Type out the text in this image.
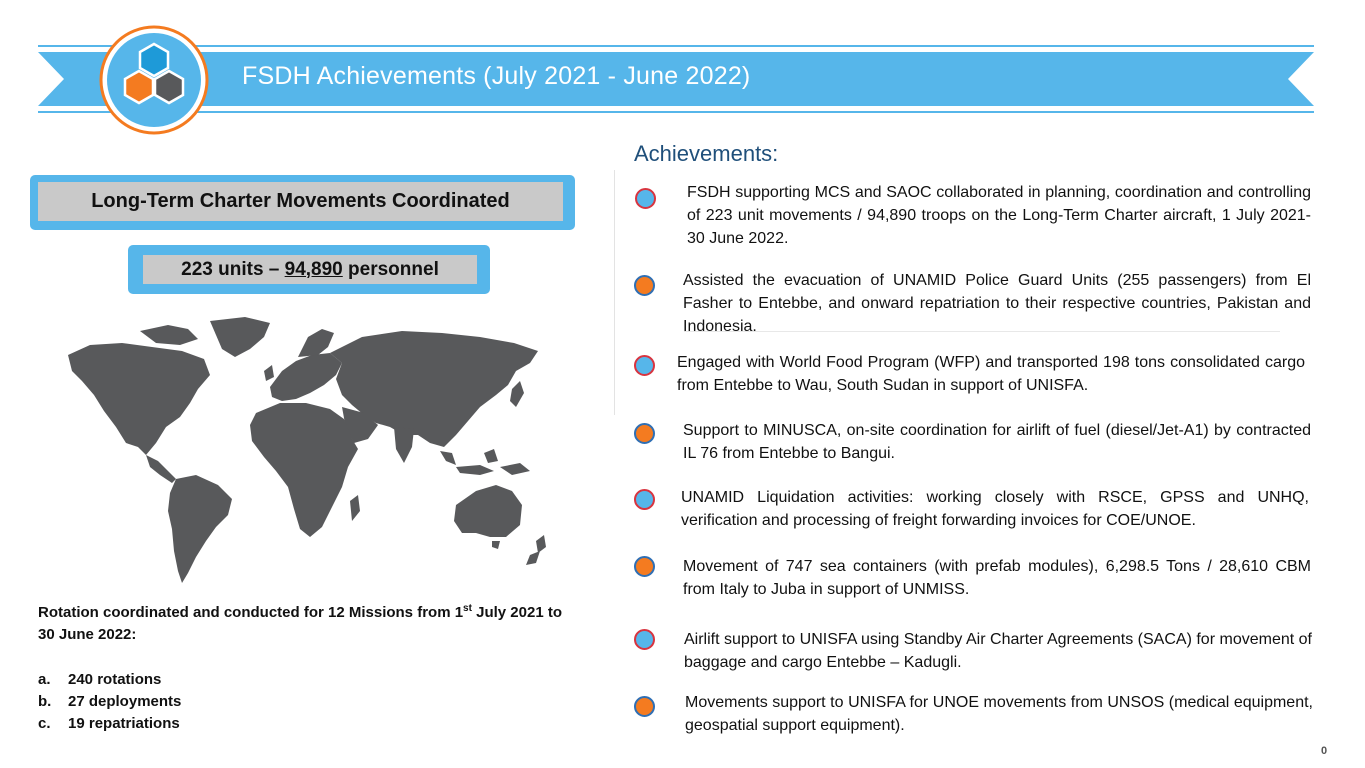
FSDH Achievements (July 2021 - June 2022)
Long-Term Charter Movements Coordinated
223 units – 94,890 personnel
Rotation coordinated and conducted for 12 Missions from 1st July 2021 to 30 June 2022:
a.	240 rotations
b.	27 deployments
c.	19 repatriations
Achievements:
FSDH supporting MCS and SAOC collaborated in planning, coordination and controlling of 223 unit movements / 94,890 troops on the Long-Term Charter aircraft, 1 July 2021-30 June 2022.
Assisted the evacuation of UNAMID Police Guard Units (255 passengers) from El Fasher to Entebbe, and onward repatriation to their respective countries, Pakistan and Indonesia.
Engaged with World Food Program (WFP) and transported 198 tons consolidated cargo from Entebbe to Wau, South Sudan in support of UNISFA.
Support to MINUSCA, on-site coordination for airlift of fuel (diesel/Jet-A1) by contracted IL 76 from Entebbe to Bangui.
UNAMID Liquidation activities: working closely with RSCE, GPSS and UNHQ, verification and processing of freight forwarding invoices for COE/UNOE.
Movement of 747 sea containers (with prefab modules), 6,298.5 Tons / 28,610 CBM from Italy to Juba in support of UNMISS.
Airlift support to UNISFA using Standby Air Charter Agreements (SACA) for movement of baggage and cargo Entebbe – Kadugli.
Movements support to UNISFA for UNOE movements from UNSOS (medical equipment, geospatial support equipment).
0
